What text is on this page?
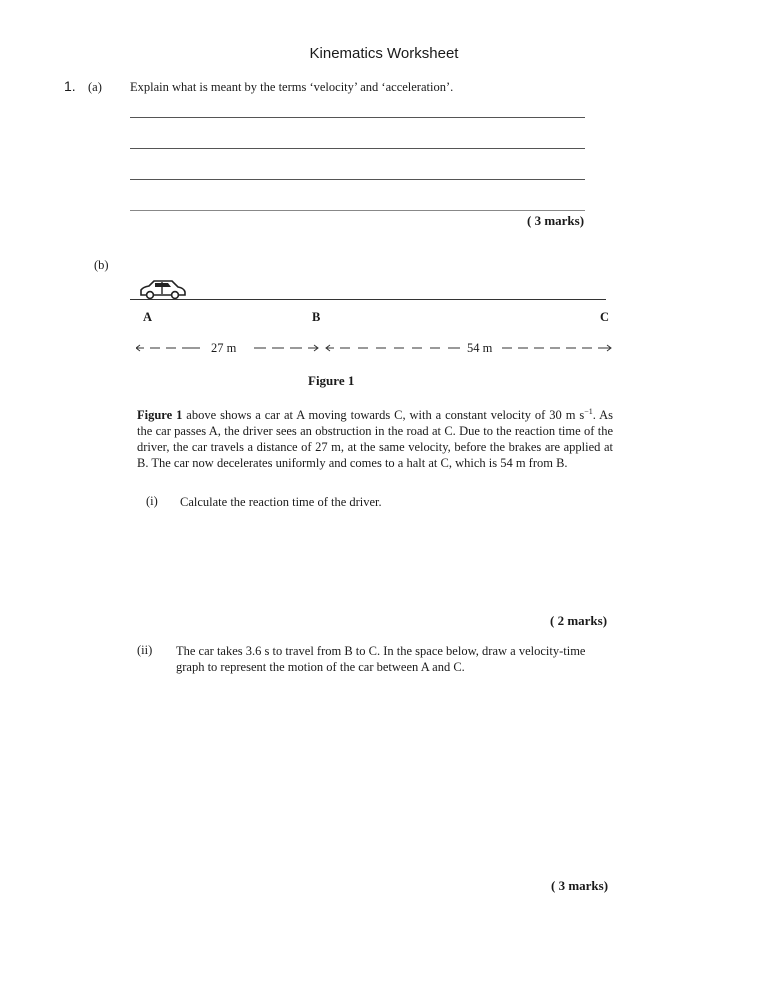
Kinematics Worksheet
1. (a) Explain what is meant by the terms ‘velocity’ and ‘acceleration’.
( 3 marks)
(b)
A	B	C
27 m	54 m
Figure 1
Figure 1 above shows a car at A moving towards C, with a constant velocity of 30 m $s^{-1}$. As the car passes A, the driver sees an obstruction in the road at C. Due to the reaction time of the driver, the car travels a distance of 27 m, at the same velocity, before the brakes are applied at B. The car now decelerates uniformly and comes to a halt at C, which is 54 m from B.
(i) Calculate the reaction time of the driver.
( 2 marks)
(ii) The car takes 3.6 s to travel from B to C. In the space below, draw a velocity-time graph to represent the motion of the car between A and C.
( 3 marks)
